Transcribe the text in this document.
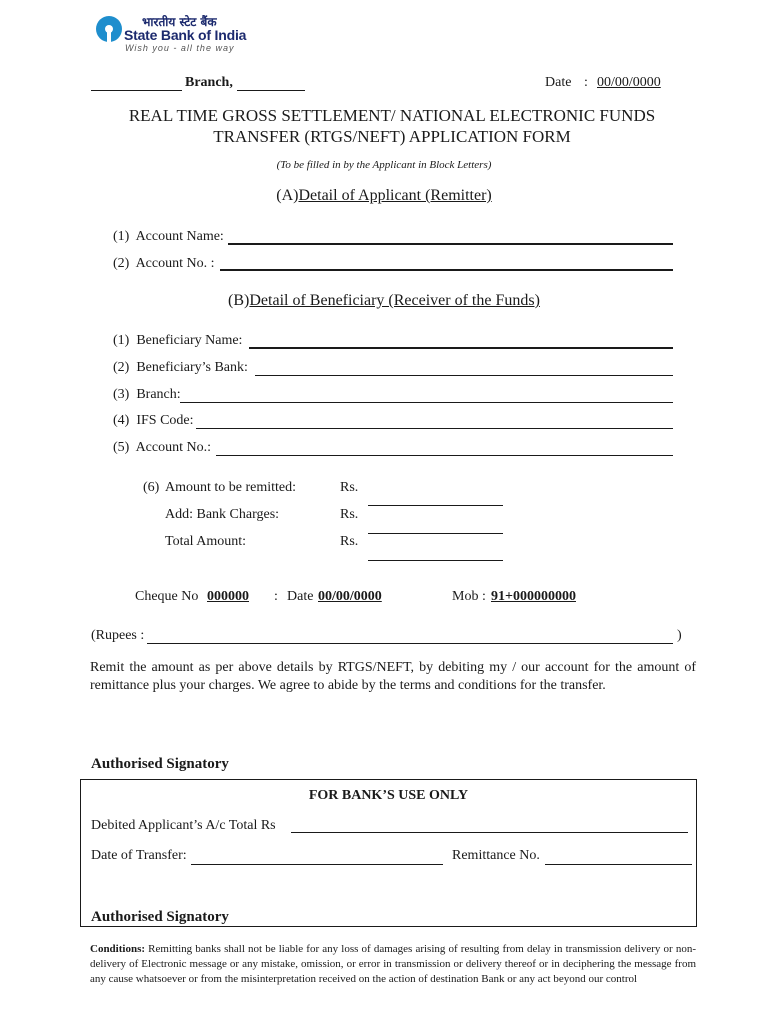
भारतीय स्टेट बैंक
State Bank of India
Wish you - all the way
Branch,	Date : 00/00/0000
REAL TIME GROSS SETTLEMENT/ NATIONAL ELECTRONIC FUNDS
TRANSFER (RTGS/NEFT) APPLICATION FORM
(To be filled in by the Applicant in Block Letters)
(A)Detail of Applicant (Remitter)
(1) Account Name:
(2) Account No. :
(B)Detail of Beneficiary (Receiver of the Funds)
(1) Beneficiary Name:
(2) Beneficiary’s Bank:
(3) Branch:
(4) IFS Code:
(5) Account No.:
(6) Amount to be remitted:	Rs.
Add: Bank Charges:	Rs.
Total Amount:	Rs.
Cheque No 000000 : Date 00/00/0000	Mob : 91+000000000
(Rupees :	)
Remit the amount as per above details by RTGS/NEFT, by debiting my / our account for the amount of remittance plus your charges. We agree to abide by the terms and conditions for the transfer.
Authorised Signatory
FOR BANK’S USE ONLY
Debited Applicant’s A/c Total Rs
Date of Transfer:	Remittance No.
Authorised Signatory
Conditions: Remitting banks shall not be liable for any loss of damages arising of resulting from delay in transmission delivery or non-delivery of Electronic message or any mistake, omission, or error in transmission or delivery thereof or in deciphering the message from any cause whatsoever or from the misinterpretation received on the action of destination Bank or any act beyond our control
